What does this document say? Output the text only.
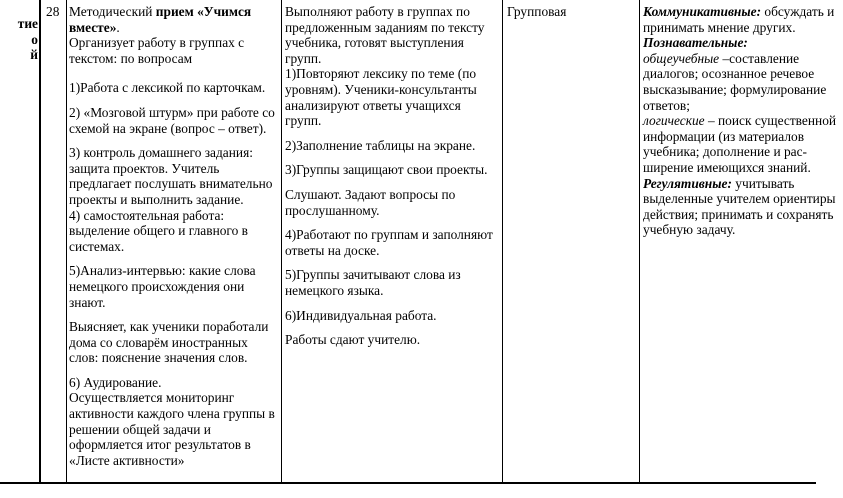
тие

о

й

28 Методический прием «Учимся вместе».

Организует работу в группах с текстом: по вопросам

1)Работа с лексикой по карточкам.

2) «Мозговой штурм» при работе со схемой на экране (вопрос – ответ).

3) контроль домашнего задания: защита проектов. Учитель предлагает послушать внимательно проекты и выполнить задание.

4) самостоятельная работа: выделение общего и главного в системах.

5)Анализ-интервью: какие слова немецкого происхождения они знают.

Выясняет, как ученики поработали дома со словарём иностранных слов: пояснение значения слов.

6) Аудирование.

Осуществляется мониторинг активности каждого члена группы в решении общей задачи и оформляется итог результатов в «Листе активности»

Выполняют работу в группах по предложенным заданиям по тексту учебника, готовят выступления групп.

1)Повторяют лексику по теме (по уровням). Ученики-консультанты анализируют ответы учащихся групп.

2)Заполнение таблицы на экране.

3)Группы защищают свои проекты.

Слушают. Задают вопросы по прослушанному.

4)Работают по группам и заполняют ответы на доске.

5)Группы зачитывают слова из немецкого языка.

6)Индивидуальная работа.

Работы сдают учителю.

Групповая	Коммуникативные: обсуждать и принимать мнение других.

Познавательные:

общеучебные –составление диалогов; осознанное речевое высказывание; формулирование ответов;

логические – поиск существенной информации (из материалов учебника; дополнение и рас-ширение имеющихся знаний.

Регулятивные: учитывать выделенные учителем ориентиры действия; принимать и сохранять учебную задачу.
